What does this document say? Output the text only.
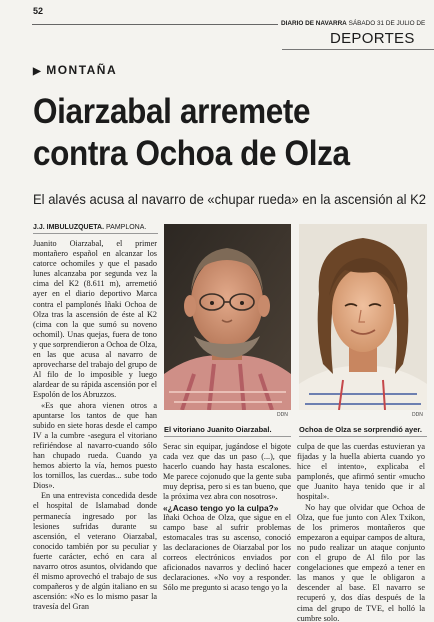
52
DIARIO DE NAVARRA SÁBADO 31 DE JULIO DE
DEPORTES
▶ MONTAÑA
Oiarzabal arremete
contra Ochoa de Olza
El alavés acusa al navarro de «chupar rueda» en la ascensión al K2
J.J. IMBULUZQUETA. PAMPLONA.

Juanito Oiarzabal, el primer montañero español en alcanzar los catorce ochomiles y que el pasado lunes alcanzaba por segunda vez la cima del K2 (8.611 m), arremetió ayer en el diario deportivo Marca contra el pamplonés Iñaki Ochoa de Olza tras la ascensión de éste al K2 (cima con la que sumó su noveno ochomil). Unas quejas, fuera de tono y que sorprendieron a Ochoa de Olza, en las que acusa al navarro de aprovecharse del trabajo del grupo de Al filo de lo imposible y luego alardear de su rápida ascensión por el Espolón de los Abruzzos.

«Es que ahora vienen otros a apuntarse los tantos de que han subido en siete horas desde el campo IV a la cumbre -asegura el vitoriano refiriéndose al navarro-cuando sólo han chupado rueda. Cuando ya hemos abierto la vía, hemos puesto los tornillos, las cuerdas... sube todo Dios».

En una entrevista concedida desde el hospital de Islamabad donde permanecía ingresado por las lesiones sufridas durante su ascensión, el veterano Oiarzabal, conocido también por su peculiar y fuerte carácter, echó en cara al navarro otros asuntos, olvidando que él mismo aprovechó el trabajo de sus compañeros y de algún italiano en su ascensión: «No es lo mismo pasar la travesía del Gran

DDN
El vitoriano Juanito Oiarzabal.
DDN
Ochoa de Olza se sorprendió ayer.

Serac sin equipar, jugándose el bigote cada vez que das un paso (...), que hacerlo cuando hay hasta escalones. Me parece cojonudo que la gente suba muy deprisa, pero si es tan bueno, que la próxima vez abra con nosotros».

«¿Acaso tengo yo la culpa?»

Iñaki Ochoa de Olza, que sigue en el campo base al sufrir problemas estomacales tras su ascenso, conoció las declaraciones de Oiarzabal por los correos electrónicos enviados por aficionados navarros y declinó hacer declaraciones. «No voy a responder. Sólo me pregunto si acaso tengo yo la

culpa de que las cuerdas estuvieran ya fijadas y la huella abierta cuando yo hice el intento», explicaba el pamplonés, que afirmó sentir «mucho que Juanito haya tenido que ir al hospital».

No hay que olvidar que Ochoa de Olza, que fue junto con Alex Txikon, de los primeros montañeros que empezaron a equipar campos de altura, no pudo realizar un ataque conjunto con el grupo de Al filo por las congelaciones que empezó a tener en las manos y que le obligaron a descender al base. El navarro se recuperó y, dos días después de la cima del grupo de TVE, el holló la cumbre solo.
